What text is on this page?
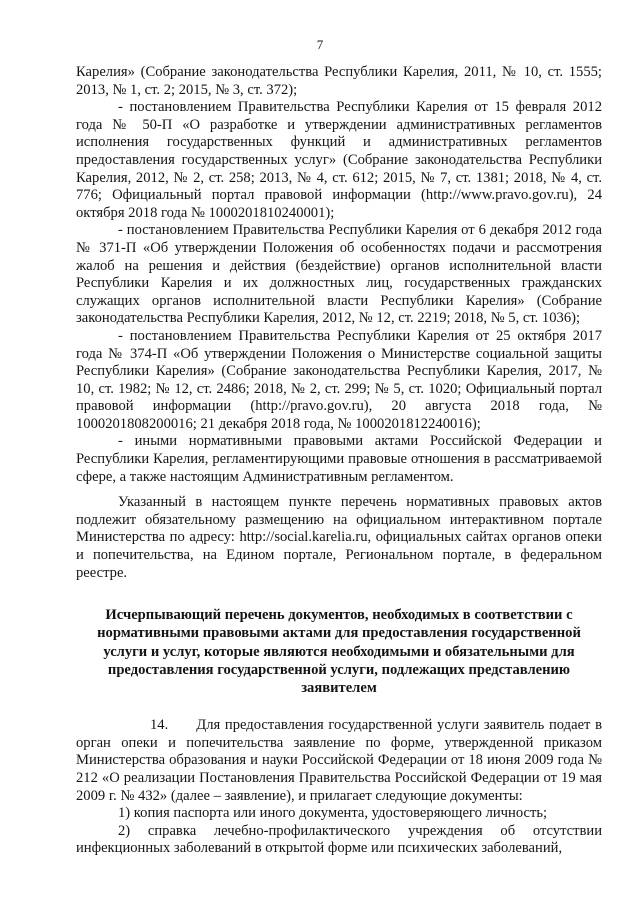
7

Карелия» (Собрание законодательства Республики Карелия, 2011, № 10, ст. 1555; 2013, № 1, ст. 2; 2015, № 3, ст. 372);

- постановлением Правительства Республики Карелия от 15 февраля 2012 года № 50-П «О разработке и утверждении административных регламентов исполнения государственных функций и административных регламентов предоставления государственных услуг» (Собрание законодательства Республики Карелия, 2012, № 2, ст. 258; 2013, № 4, ст. 612; 2015, № 7, ст. 1381; 2018, № 4, ст. 776; Официальный портал правовой информации (http://www.pravo.gov.ru), 24 октября 2018 года № 1000201810240001);

- постановлением Правительства Республики Карелия от 6 декабря 2012 года № 371-П «Об утверждении Положения об особенностях подачи и рассмотрения жалоб на решения и действия (бездействие) органов исполнительной власти Республики Карелия и их должностных лиц, государственных гражданских служащих органов исполнительной власти Республики Карелия» (Собрание законодательства Республики Карелия, 2012, № 12, ст. 2219; 2018, № 5, ст. 1036);

- постановлением Правительства Республики Карелия от 25 октября 2017 года № 374-П «Об утверждении Положения о Министерстве социальной защиты Республики Карелия» (Собрание законодательства Республики Карелия, 2017, № 10, ст. 1982; № 12, ст. 2486; 2018, № 2, ст. 299; № 5, ст. 1020; Официальный портал правовой информации (http://pravo.gov.ru), 20 августа 2018 года, № 1000201808200016; 21 декабря 2018 года, № 1000201812240016);

- иными нормативными правовыми актами Российской Федерации и Республики Карелия, регламентирующими правовые отношения в рассматриваемой сфере, а также настоящим Административным регламентом.

Указанный в настоящем пункте перечень нормативных правовых актов подлежит обязательному размещению на официальном интерактивном портале Министерства по адресу: http://social.karelia.ru, официальных сайтах органов опеки и попечительства, на Едином портале, Региональном портале, в федеральном реестре.

Исчерпывающий перечень документов, необходимых в соответствии с нормативными правовыми актами для предоставления государственной услуги и услуг, которые являются необходимыми и обязательными для предоставления государственной услуги, подлежащих представлению заявителем

14.      Для предоставления государственной услуги заявитель подает в орган опеки и попечительства заявление по форме, утвержденной приказом Министерства образования и науки Российской Федерации от 18 июня 2009 года № 212 «О реализации Постановления Правительства Российской Федерации от 19 мая 2009 г. № 432» (далее – заявление), и прилагает следующие документы:

1) копия паспорта или иного документа, удостоверяющего личность;

2) справка лечебно-профилактического учреждения об отсутствии инфекционных заболеваний в открытой форме или психических заболеваний,
